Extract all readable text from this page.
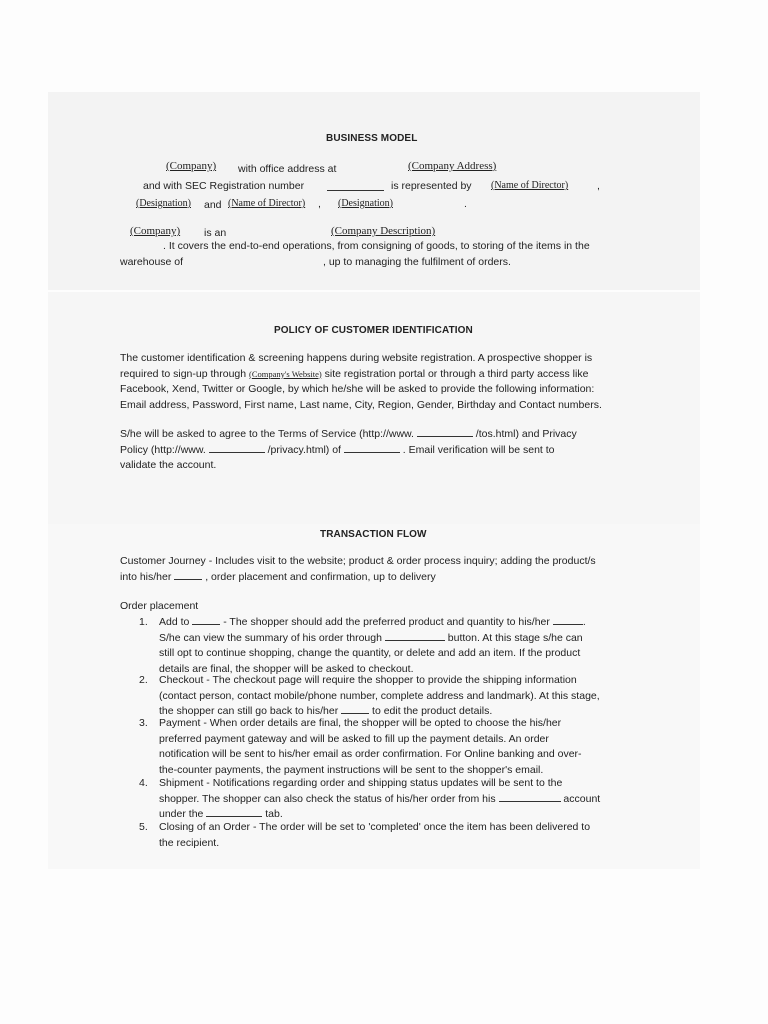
BUSINESS MODEL
(Company) with office address at	(Company Address)
and with SEC Registration number	is represented by (Name of Director)	,
(Designation) and (Name of Director) , (Designation)	.
(Company) is an	(Company Description)
. It covers the end-to-end operations, from consigning of goods, to storing of the items in the
warehouse of	, up to managing the fulfilment of orders.
POLICY OF CUSTOMER IDENTIFICATION
The customer identification & screening happens during website registration. A prospective shopper is
required to sign-up through (Company's Website) site registration portal or through a third party access like
Facebook, Xend, Twitter or Google, by which he/she will be asked to provide the following information:
Email address, Password, First name, Last name, City, Region, Gender, Birthday and Contact numbers.
S/he will be asked to agree to the Terms of Service (http://www.	/tos.html) and Privacy
Policy (http://www.	/privacy.html) of	. Email verification will be sent to
validate the account.
TRANSACTION FLOW
Customer Journey - Includes visit to the website; product & order process inquiry; adding the product/s
into his/her	, order placement and confirmation, up to delivery
Order placement
1. Add to	- The shopper should add the preferred product and quantity to his/her	.
S/he can view the summary of his order through	button. At this stage s/he can
still opt to continue shopping, change the quantity, or delete and add an item. If the product
details are final, the shopper will be asked to checkout.
2. Checkout - The checkout page will require the shopper to provide the shipping information
(contact person, contact mobile/phone number, complete address and landmark). At this stage,
the shopper can still go back to his/her	to edit the product details.
3. Payment - When order details are final, the shopper will be opted to choose the his/her
preferred payment gateway and will be asked to fill up the payment details. An order
notification will be sent to his/her email as order confirmation. For Online banking and over-
the-counter payments, the payment instructions will be sent to the shopper's email.
4. Shipment - Notifications regarding order and shipping status updates will be sent to the
shopper. The shopper can also check the status of his/her order from his	account
under the	tab.
5. Closing of an Order - The order will be set to 'completed' once the item has been delivered to
the recipient.
